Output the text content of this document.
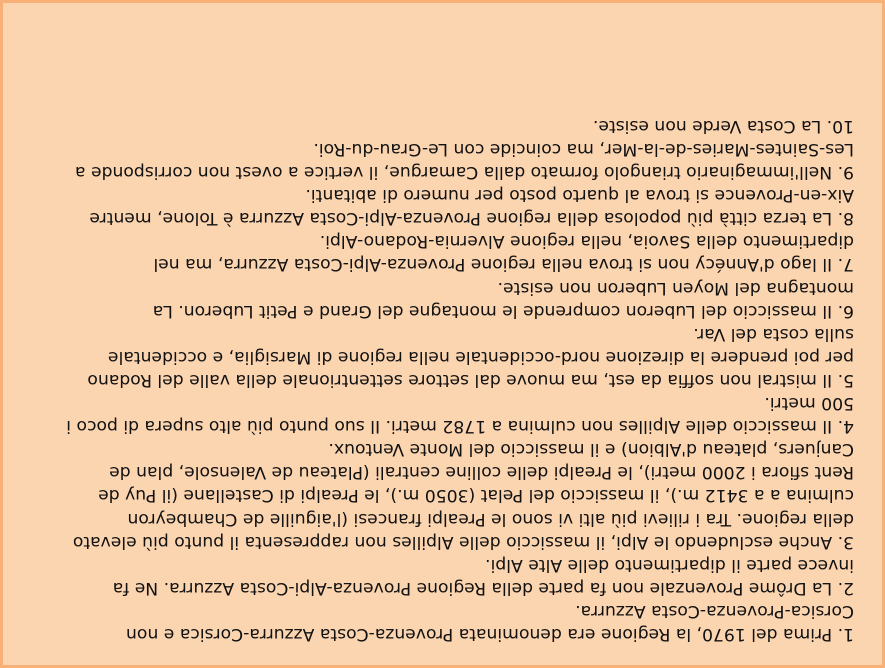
1. Prima del 1970, la Regione era denominata Provenza-Costa Azzurra-Corsica e non
Corsica-Provenza-Costa Azzurra.
2. La Drôme Provenzale non fa parte della Regione Provenza-Alpi-Costa Azzurra. Ne fa
invece parte il dipartimento delle Alte Alpi.
3. Anche escludendo le Alpi, il massiccio delle Alpilles non rappresenta il punto più elevato
della regione. Tra i rilievi più alti vi sono le Prealpi francesi (l'aiguille de Chambeyron
culmina a a 3412 m.), il massiccio del Pelat (3050 m.), le Prealpi di Castellane (il Puy de
Rent sfiora i 2000 metri), le Prealpi delle colline centrali (Plateau de Valensole, plan de
Canjuers, plateau d'Albion) e il massiccio del Monte Ventoux.
4. Il massiccio delle Alpilles non culmina a 1782 metri. Il suo punto più alto supera di poco i
500 metri.
5. Il mistral non soffia da est, ma muove dal settore settentrionale della valle del Rodano
per poi prendere la direzione nord-occidentale nella regione di Marsiglia, e occidentale
sulla costa del Var.
6. Il massiccio del Luberon comprende le montagne del Grand e Petit Luberon. La
montagna del Moyen Luberon non esiste.
7. Il lago d'Annécy non si trova nella regione Provenza-Alpi-Costa Azzurra, ma nel
dipartimento della Savoia, nella regione Alvernia-Rodano-Alpi.
8. La terza città più popolosa della regione Provenza-Alpi-Costa Azzurra è Tolone, mentre
Aix-en-Provence si trova al quarto posto per numero di abitanti.
9. Nell'immaginario triangolo formato dalla Camargue, il vertice a ovest non corrisponde a
Les-Saintes-Maries-de-la-Mer, ma coincide con Le-Grau-du-Roi.
10. La Costa Verde non esiste.
